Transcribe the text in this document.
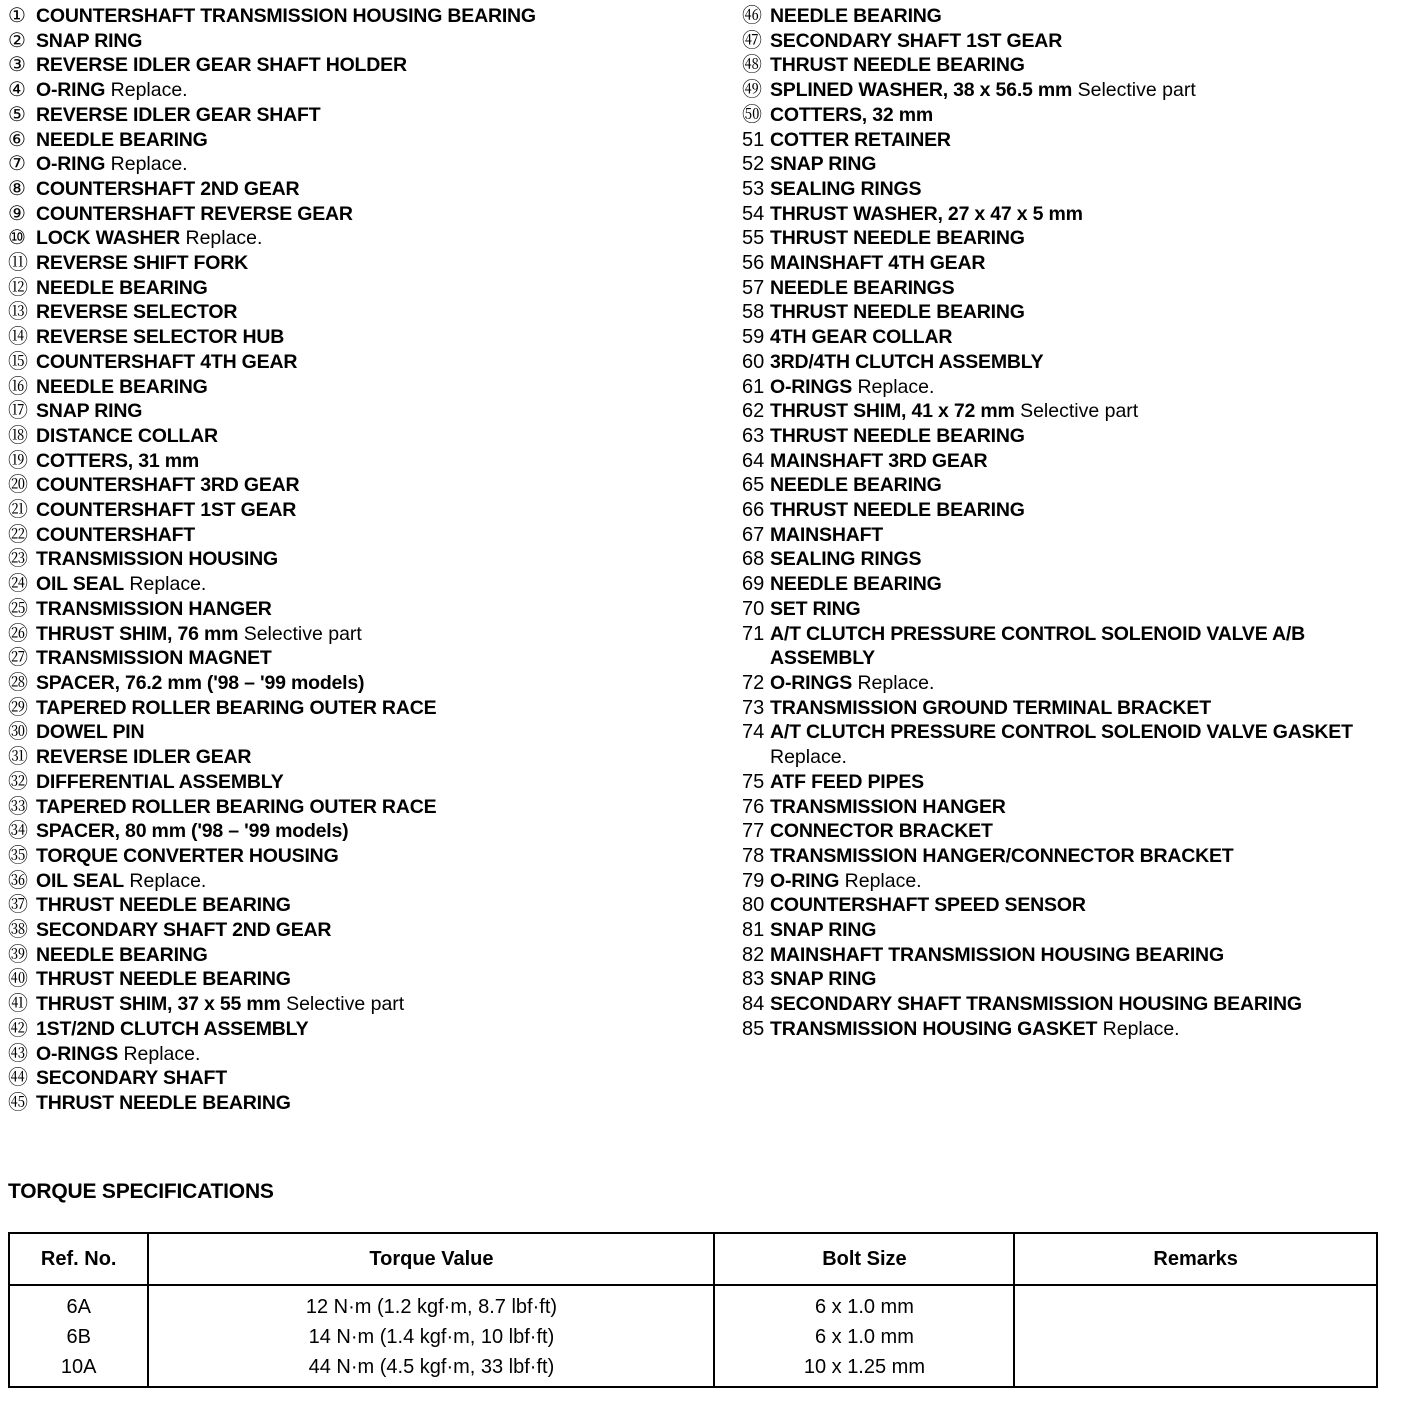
① COUNTERSHAFT TRANSMISSION HOUSING BEARING
② SNAP RING
③ REVERSE IDLER GEAR SHAFT HOLDER
④ O-RING Replace.
⑤ REVERSE IDLER GEAR SHAFT
⑥ NEEDLE BEARING
⑦ O-RING Replace.
⑧ COUNTERSHAFT 2ND GEAR
⑨ COUNTERSHAFT REVERSE GEAR
⑩ LOCK WASHER Replace.
⑪ REVERSE SHIFT FORK
⑫ NEEDLE BEARING
⑬ REVERSE SELECTOR
⑭ REVERSE SELECTOR HUB
⑮ COUNTERSHAFT 4TH GEAR
⑯ NEEDLE BEARING
⑰ SNAP RING
⑱ DISTANCE COLLAR
⑲ COTTERS, 31 mm
⑳ COUNTERSHAFT 3RD GEAR
㉑ COUNTERSHAFT 1ST GEAR
㉒ COUNTERSHAFT
㉓ TRANSMISSION HOUSING
㉔ OIL SEAL Replace.
㉕ TRANSMISSION HANGER
㉖ THRUST SHIM, 76 mm Selective part
㉗ TRANSMISSION MAGNET
㉘ SPACER, 76.2 mm ('98 – '99 models)
㉙ TAPERED ROLLER BEARING OUTER RACE
㉚ DOWEL PIN
㉛ REVERSE IDLER GEAR
㉜ DIFFERENTIAL ASSEMBLY
㉝ TAPERED ROLLER BEARING OUTER RACE
㉞ SPACER, 80 mm ('98 – '99 models)
㉟ TORQUE CONVERTER HOUSING
㊱ OIL SEAL Replace.
㊲ THRUST NEEDLE BEARING
㊳ SECONDARY SHAFT 2ND GEAR
㊴ NEEDLE BEARING
㊵ THRUST NEEDLE BEARING
㊶ THRUST SHIM, 37 x 55 mm Selective part
㊷ 1ST/2ND CLUTCH ASSEMBLY
㊸ O-RINGS Replace.
㊹ SECONDARY SHAFT
㊺ THRUST NEEDLE BEARING
㊻ NEEDLE BEARING
㊼ SECONDARY SHAFT 1ST GEAR
㊽ THRUST NEEDLE BEARING
㊾ SPLINED WASHER, 38 x 56.5 mm Selective part
㊿ COTTERS, 32 mm
51 COTTER RETAINER
52 SNAP RING
53 SEALING RINGS
54 THRUST WASHER, 27 x 47 x 5 mm
55 THRUST NEEDLE BEARING
56 MAINSHAFT 4TH GEAR
57 NEEDLE BEARINGS
58 THRUST NEEDLE BEARING
59 4TH GEAR COLLAR
60 3RD/4TH CLUTCH ASSEMBLY
61 O-RINGS Replace.
62 THRUST SHIM, 41 x 72 mm Selective part
63 THRUST NEEDLE BEARING
64 MAINSHAFT 3RD GEAR
65 NEEDLE BEARING
66 THRUST NEEDLE BEARING
67 MAINSHAFT
68 SEALING RINGS
69 NEEDLE BEARING
70 SET RING
71 A/T CLUTCH PRESSURE CONTROL SOLENOID VALVE A/B ASSEMBLY
72 O-RINGS Replace.
73 TRANSMISSION GROUND TERMINAL BRACKET
74 A/T CLUTCH PRESSURE CONTROL SOLENOID VALVE GASKET Replace.
75 ATF FEED PIPES
76 TRANSMISSION HANGER
77 CONNECTOR BRACKET
78 TRANSMISSION HANGER/CONNECTOR BRACKET
79 O-RING Replace.
80 COUNTERSHAFT SPEED SENSOR
81 SNAP RING
82 MAINSHAFT TRANSMISSION HOUSING BEARING
83 SNAP RING
84 SECONDARY SHAFT TRANSMISSION HOUSING BEARING
85 TRANSMISSION HOUSING GASKET Replace.
TORQUE SPECIFICATIONS
Ref. No.	Torque Value	Bolt Size	Remarks
6A	12 N·m (1.2 kgf·m, 8.7 lbf·ft)	6 x 1.0 mm	
6B	14 N·m (1.4 kgf·m, 10 lbf·ft)	6 x 1.0 mm	
10A	44 N·m (4.5 kgf·m, 33 lbf·ft)	10 x 1.25 mm	
